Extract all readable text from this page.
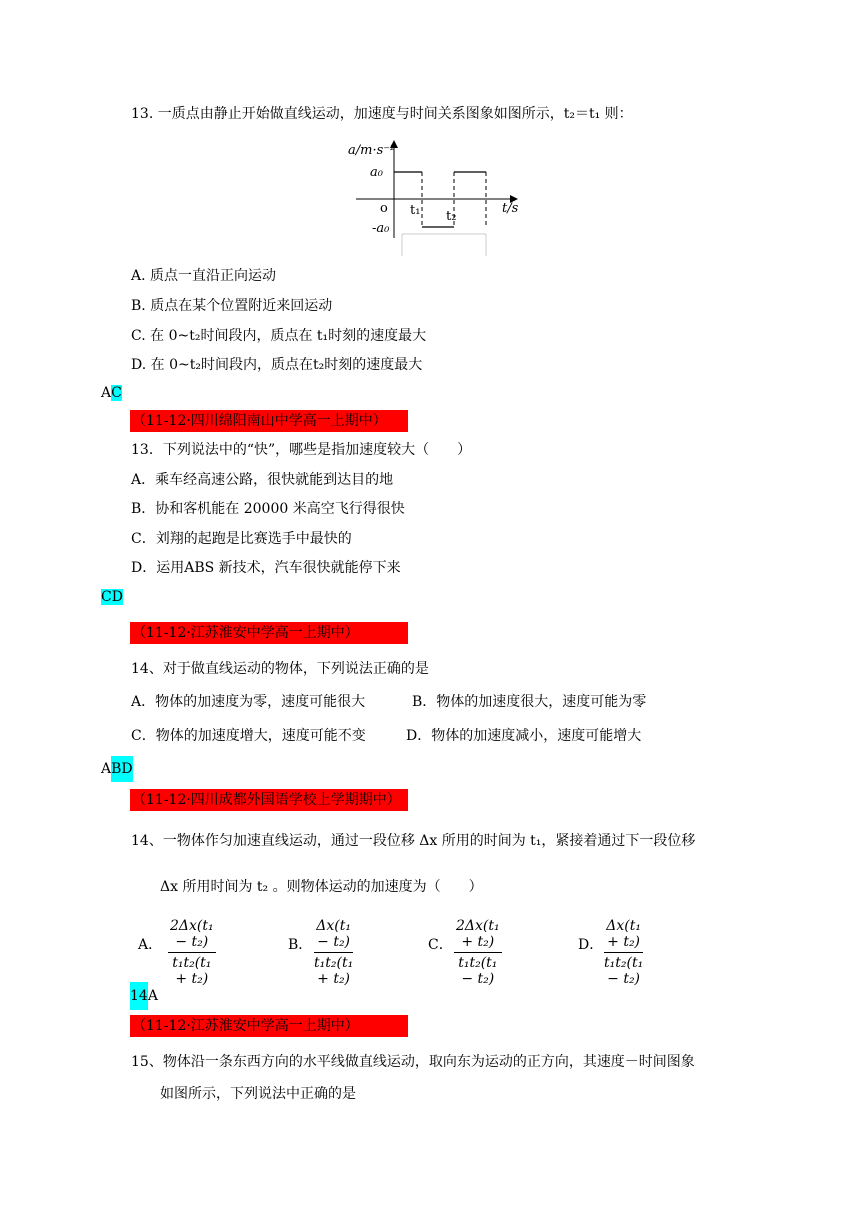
13. 一质点由静止开始做直线运动，加速度与时间关系图象如图所示，t₂＝t₁ 则：
a/m·s⁻²
a₀
o t₁ t₂
t/s
-a₀
A. 质点一直沿正向运动
B. 质点在某个位置附近来回运动
C. 在 0~t₂时间段内，质点在 t₁时刻的速度最大
D. 在 0~t₂时间段内，质点在t₂时刻的速度最大
AC
（11-12·四川绵阳南山中学高一上期中）
13．下列说法中的“快”，哪些是指加速度较大（　　）
A．乘车经高速公路，很快就能到达目的地
B．协和客机能在 20000 米高空飞行得很快
C．刘翔的起跑是比赛选手中最快的
D．运用ABS 新技术，汽车很快就能停下来
CD
（11-12·江苏淮安中学高一上期中）
14、对于做直线运动的物体，下列说法正确的是
A．物体的加速度为零，速度可能很大	B．物体的加速度很大，速度可能为零
C．物体的加速度增大，速度可能不变	D．物体的加速度减小，速度可能增大
ABD
（11-12·四川成都外国语学校上学期期中）
14、一物体作匀加速直线运动，通过一段位移 Δx 所用的时间为 t₁，紧接着通过下一段位移
Δx 所用时间为 t₂ 。则物体运动的加速度为（　　）
A． $\frac{\text{2Δx(t₁ − t₂)}}{\text{t₁t₂(t₁ + t₂)}}$	B． $\frac{\text{Δx(t₁ − t₂)}}{\text{t₁t₂(t₁ + t₂)}}$	C． $\frac{\text{2Δx(t₁ + t₂)}}{\text{t₁t₂(t₁ − t₂)}}$	D． $\frac{\text{Δx(t₁ + t₂)}}{\text{t₁t₂(t₁ − t₂)}}$
14A
（11-12·江苏淮安中学高一上期中）
15、物体沿一条东西方向的水平线做直线运动，取向东为运动的正方向，其速度－时间图象
如图所示，下列说法中正确的是
